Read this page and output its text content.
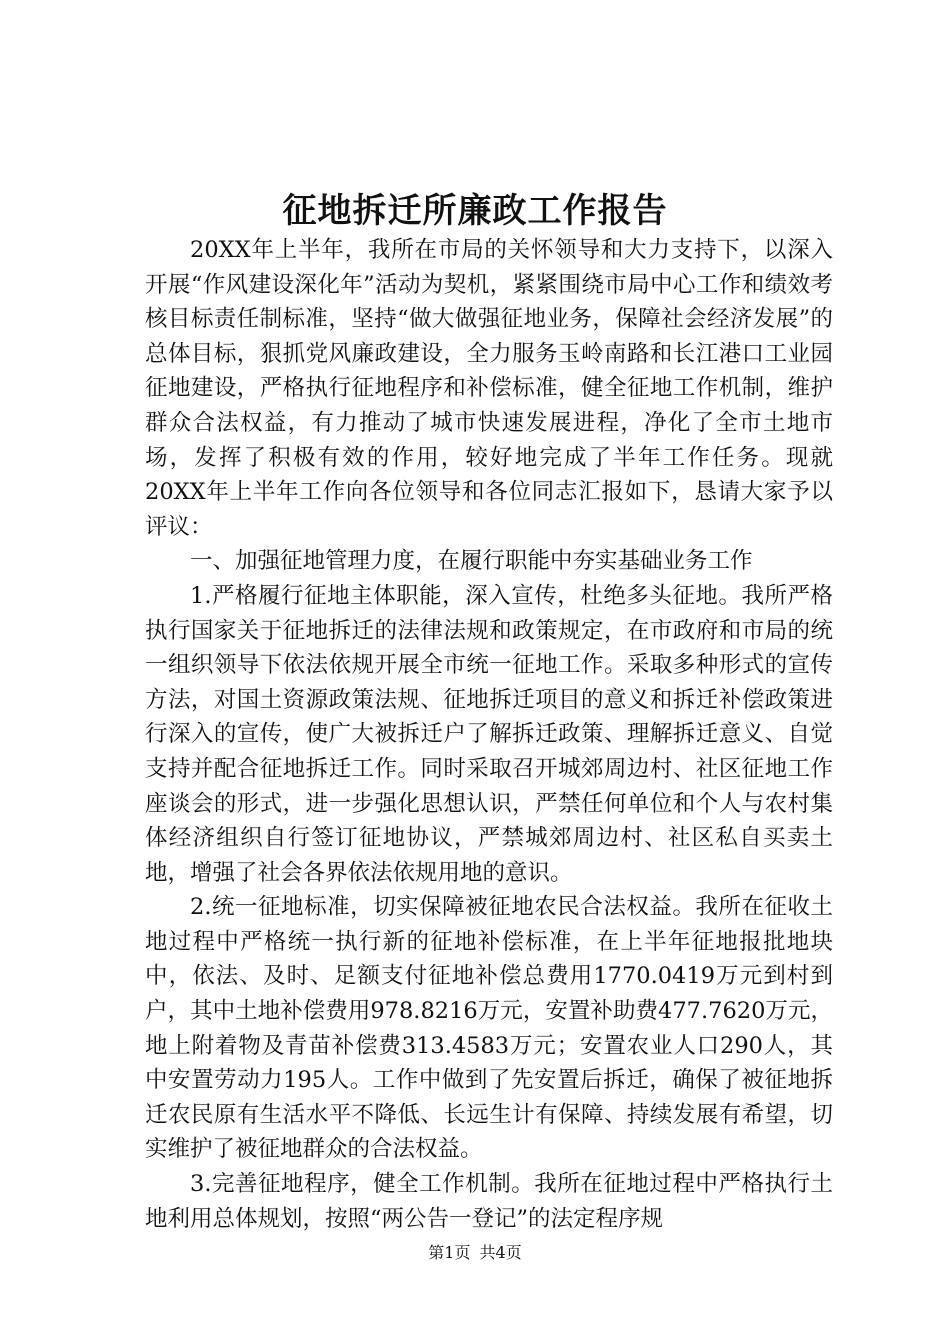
征地拆迁所廉政工作报告

20XX年上半年，我所在市局的关怀领导和大力支持下，以深入开展“作风建设深化年”活动为契机，紧紧围绕市局中心工作和绩效考核目标责任制标准，坚持“做大做强征地业务，保障社会经济发展”的总体目标，狠抓党风廉政建设，全力服务玉岭南路和长江港口工业园征地建设，严格执行征地程序和补偿标准，健全征地工作机制，维护群众合法权益，有力推动了城市快速发展进程，净化了全市土地市场，发挥了积极有效的作用，较好地完成了半年工作任务。现就20XX年上半年工作向各位领导和各位同志汇报如下，恳请大家予以评议：

一、加强征地管理力度，在履行职能中夯实基础业务工作

1.严格履行征地主体职能，深入宣传，杜绝多头征地。我所严格执行国家关于征地拆迁的法律法规和政策规定，在市政府和市局的统一组织领导下依法依规开展全市统一征地工作。采取多种形式的宣传方法，对国土资源政策法规、征地拆迁项目的意义和拆迁补偿政策进行深入的宣传，使广大被拆迁户了解拆迁政策、理解拆迁意义、自觉支持并配合征地拆迁工作。同时采取召开城郊周边村、社区征地工作座谈会的形式，进一步强化思想认识，严禁任何单位和个人与农村集体经济组织自行签订征地协议，严禁城郊周边村、社区私自买卖土地，增强了社会各界依法依规用地的意识。

2.统一征地标准，切实保障被征地农民合法权益。我所在征收土地过程中严格统一执行新的征地补偿标准，在上半年征地报批地块中，依法、及时、足额支付征地补偿总费用1770.0419万元到村到户，其中土地补偿费用978.8216万元，安置补助费477.7620万元，地上附着物及青苗补偿费313.4583万元；安置农业人口290人，其中安置劳动力195人。工作中做到了先安置后拆迁，确保了被征地拆迁农民原有生活水平不降低、长远生计有保障、持续发展有希望，切实维护了被征地群众的合法权益。

3.完善征地程序，健全工作机制。我所在征地过程中严格执行土地利用总体规划，按照“两公告一登记”的法定程序规

第1页 共4页
